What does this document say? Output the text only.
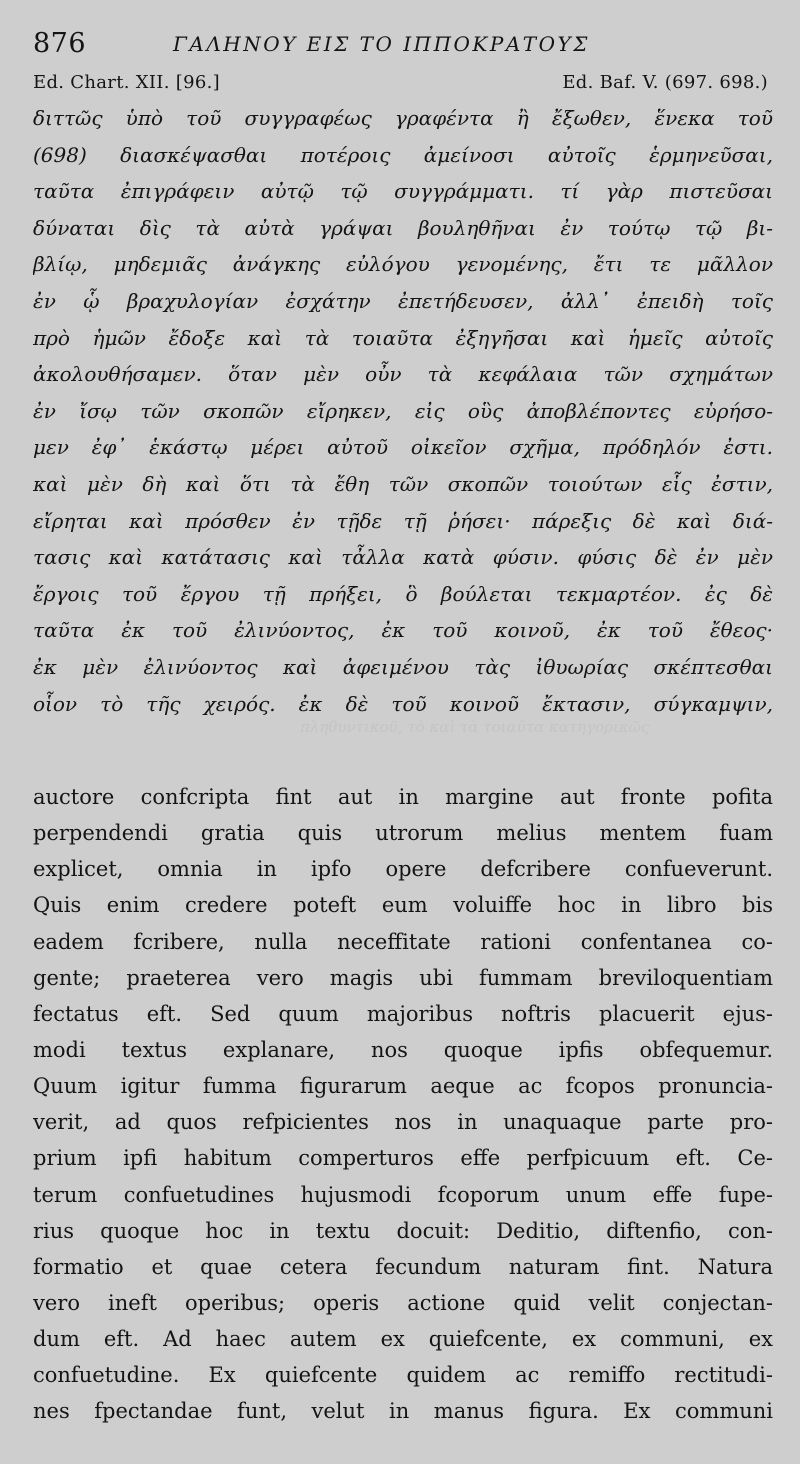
876	ΓΑΛΗΝΟΥ ΕΙΣ ΤΟ ΙΠΠΟΚΡΑΤΟΥΣ
Ed. Chart. XII. [96.]	Ed. Baf. V. (697. 698.)
διττῶς ὑπὸ τοῦ συγγραφέως γραφέντα ἢ ἔξωθεν, ἕνεκα τοῦ
(698) διασκέψασθαι ποτέροις ἀμείνοσι αὐτοῖς ἑρμηνεῦσαι,
ταῦτα ἐπιγράφειν αὐτῷ τῷ συγγράμματι. τί γὰρ πιστεῦσαι
δύναται δὶς τὰ αὐτὰ γράψαι βουληθῆναι ἐν τούτῳ τῷ βι-
βλίῳ, μηδεμιᾶς ἀνάγκης εὐλόγου γενομένης, ἔτι τε μᾶλλον
ἐν ᾧ βραχυλογίαν ἐσχάτην ἐπετήδευσεν, ἀλλ᾽ ἐπειδὴ τοῖς
πρὸ ἡμῶν ἔδοξε καὶ τὰ τοιαῦτα ἐξηγῆσαι καὶ ἡμεῖς αὐτοῖς
ἀκολουθήσαμεν. ὅταν μὲν οὖν τὰ κεφάλαια τῶν σχημάτων
ἐν ἴσῳ τῶν σκοπῶν εἴρηκεν, εἰς οὓς ἀποβλέποντες εὑρήσο-
μεν ἐφ᾽ ἑκάστῳ μέρει αὐτοῦ οἰκεῖον σχῆμα, πρόδηλόν ἐστι.
καὶ μὲν δὴ καὶ ὅτι τὰ ἔθη τῶν σκοπῶν τοιούτων εἷς ἐστιν,
εἴρηται καὶ πρόσθεν ἐν τῇδε τῇ ῥήσει· πάρεξις δὲ καὶ διά-
τασις καὶ κατάτασις καὶ τἆλλα κατὰ φύσιν. φύσις δὲ ἐν μὲν
ἔργοις τοῦ ἔργου τῇ πρήξει, ὃ βούλεται τεκμαρτέον. ἐς δὲ
ταῦτα ἐκ τοῦ ἐλινύοντος, ἐκ τοῦ κοινοῦ, ἐκ τοῦ ἔθεος·
ἐκ μὲν ἐλινύοντος καὶ ἀφειμένου τὰς ἰθυωρίας σκέπτεσθαι
οἷον τὸ τῆς χειρός. ἐκ δὲ τοῦ κοινοῦ ἔκτασιν, σύγκαμψιν,
πληθυντικοῦ, τὸ καὶ τὰ τοιαῦτα κατηγορικῶς
auctore confcripta fint aut in margine aut fronte pofita
perpendendi gratia quis utrorum melius mentem fuam
explicet, omnia in ipfo opere defcribere confueverunt.
Quis enim credere poteft eum voluiffe hoc in libro bis
eadem fcribere, nulla neceffitate rationi confentanea co-
gente; praeterea vero magis ubi fummam breviloquentiam
fectatus eft. Sed quum majoribus noftris placuerit ejus-
modi textus explanare, nos quoque ipfis obfequemur.
Quum igitur fumma figurarum aeque ac fcopos pronuncia-
verit, ad quos refpicientes nos in unaquaque parte pro-
prium ipfi habitum comperturos effe perfpicuum eft. Ce-
terum confuetudines hujusmodi fcoporum unum effe fupe-
rius quoque hoc in textu docuit: Deditio, diftenfio, con-
formatio et quae cetera fecundum naturam fint. Natura
vero ineft operibus; operis actione quid velit conjectan-
dum eft. Ad haec autem ex quiefcente, ex communi, ex
confuetudine. Ex quiefcente quidem ac remiffo rectitudi-
nes fpectandae funt, velut in manus figura. Ex communi
